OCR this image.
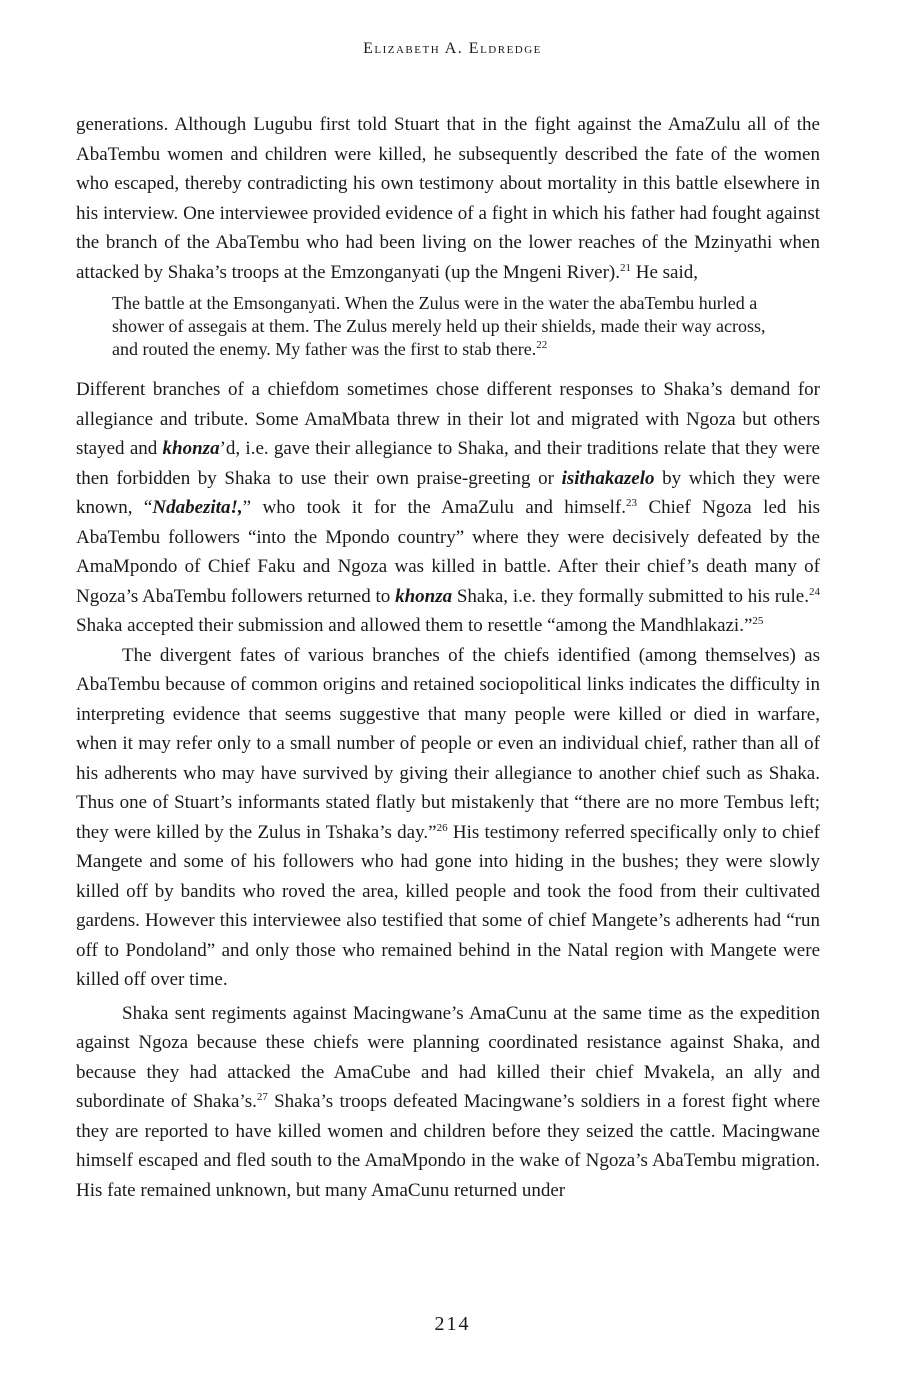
Elizabeth A. Eldredge

generations. Although Lugubu first told Stuart that in the fight against the AmaZulu all of the AbaTembu women and children were killed, he subsequently described the fate of the women who escaped, thereby contradicting his own testimony about mortality in this battle elsewhere in his interview. One interviewee provided evidence of a fight in which his father had fought against the branch of the AbaTembu who had been living on the lower reaches of the Mzinyathi when attacked by Shaka’s troops at the Emzonganyati (up the Mngeni River).$^{21}$ He said,

The battle at the Emsonganyati. When the Zulus were in the water the abaTembu hurled a shower of assegais at them. The Zulus merely held up their shields, made their way across, and routed the enemy. My father was the first to stab there.$^{22}$

Different branches of a chiefdom sometimes chose different responses to Shaka’s demand for allegiance and tribute. Some AmaMbata threw in their lot and migrated with Ngoza but others stayed and khonza’d, i.e. gave their allegiance to Shaka, and their traditions relate that they were then forbidden by Shaka to use their own praise-greeting or isithakazelo by which they were known, “Ndabezita!,” who took it for the AmaZulu and himself.$^{23}$ Chief Ngoza led his AbaTembu followers “into the Mpondo country” where they were decisively defeated by the AmaMpondo of Chief Faku and Ngoza was killed in battle. After their chief’s death many of Ngoza’s AbaTembu followers returned to khonza Shaka, i.e. they formally submitted to his rule.$^{24}$ Shaka accepted their submission and allowed them to resettle “among the Mandhlakazi.”$^{25}$

The divergent fates of various branches of the chiefs identified (among themselves) as AbaTembu because of common origins and retained sociopolitical links indicates the difficulty in interpreting evidence that seems suggestive that many people were killed or died in warfare, when it may refer only to a small number of people or even an individual chief, rather than all of his adherents who may have survived by giving their allegiance to another chief such as Shaka. Thus one of Stuart’s informants stated flatly but mistakenly that “there are no more Tembus left; they were killed by the Zulus in Tshaka’s day.”$^{26}$ His testimony referred specifically only to chief Mangete and some of his followers who had gone into hiding in the bushes; they were slowly killed off by bandits who roved the area, killed people and took the food from their cultivated gardens. However this interviewee also testified that some of chief Mangete’s adherents had “run off to Pondoland” and only those who remained behind in the Natal region with Mangete were killed off over time.

Shaka sent regiments against Macingwane’s AmaCunu at the same time as the expedition against Ngoza because these chiefs were planning coordinated resistance against Shaka, and because they had attacked the AmaCube and had killed their chief Mvakela, an ally and subordinate of Shaka’s.$^{27}$ Shaka’s troops defeated Macingwane’s soldiers in a forest fight where they are reported to have killed women and children before they seized the cattle. Macingwane himself escaped and fled south to the AmaMpondo in the wake of Ngoza’s AbaTembu migration. His fate remained unknown, but many AmaCunu returned under

214
